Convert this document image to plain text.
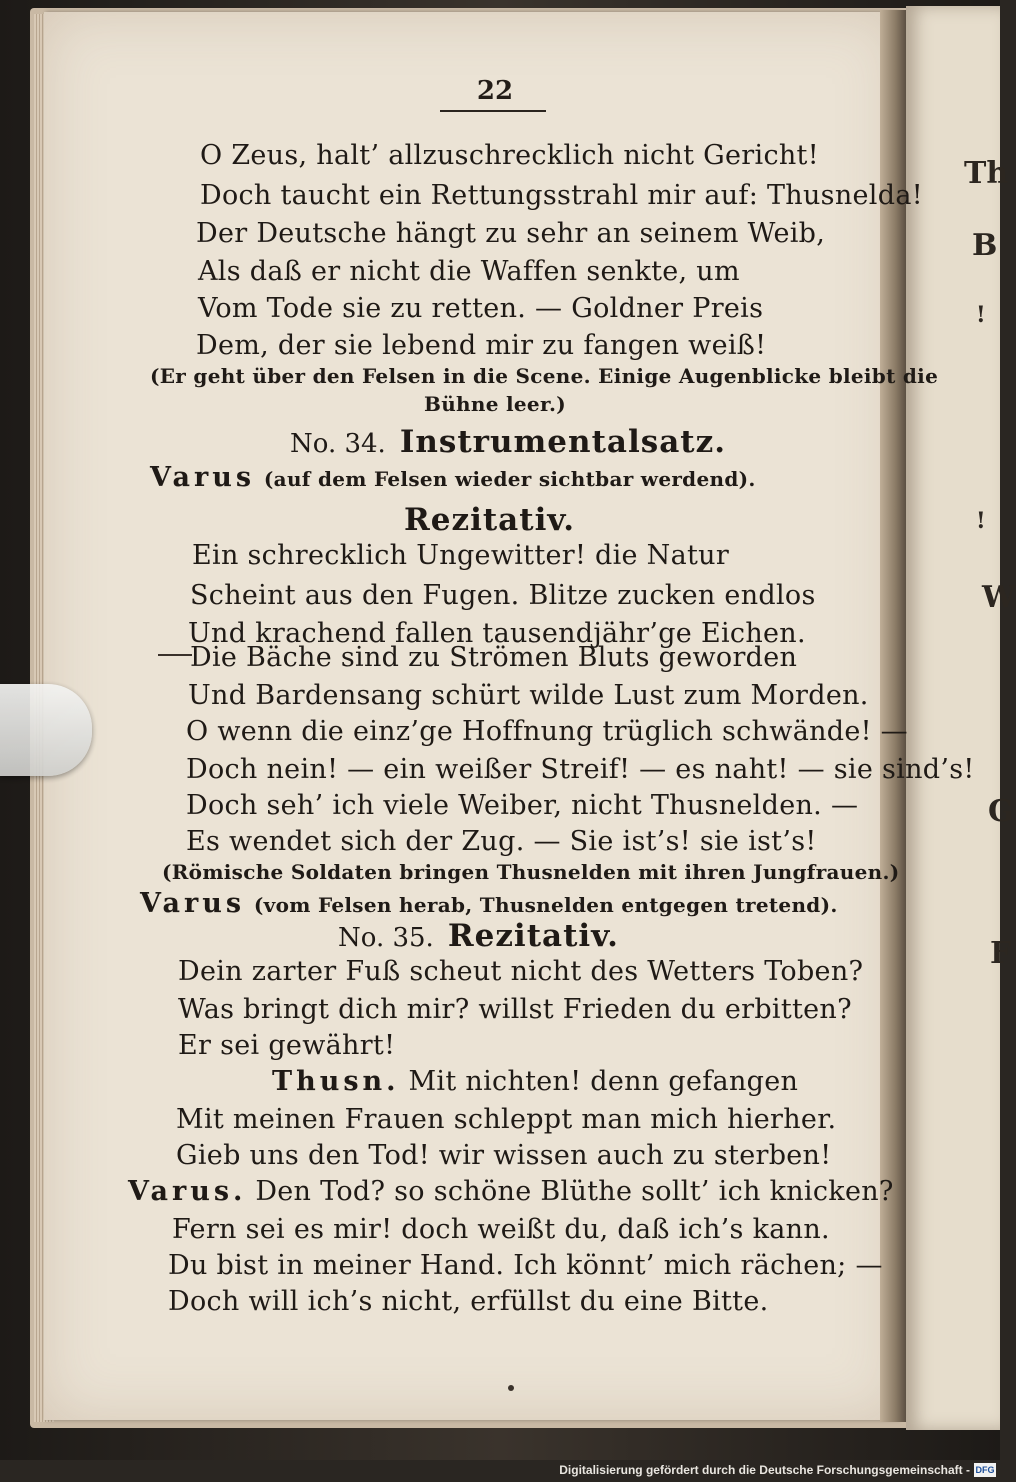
Th
B
!
!
W
G
F
22
O Zeus, halt’ allzuschrecklich nicht Gericht!
Doch taucht ein Rettungsstrahl mir auf: Thusnelda!
Der Deutsche hängt zu sehr an seinem Weib,
Als daß er nicht die Waffen senkte, um
Vom Tode sie zu retten. — Goldner Preis
Dem, der sie lebend mir zu fangen weiß!
(Er geht über den Felsen in die Scene. Einige Augenblicke bleibt die
Bühne leer.)
No. 34. Instrumentalsatz.
Varus (auf dem Felsen wieder sichtbar werdend).
Rezitativ.
Ein schrecklich Ungewitter! die Natur
Scheint aus den Fugen. Blitze zucken endlos
Und krachend fallen tausendjähr’ge Eichen.
Die Bäche sind zu Strömen Bluts geworden
Und Bardensang schürt wilde Lust zum Morden.
O wenn die einz’ge Hoffnung trüglich schwände! —
Doch nein! — ein weißer Streif! — es naht! — sie sind’s!
Doch seh’ ich viele Weiber, nicht Thusnelden. —
Es wendet sich der Zug. — Sie ist’s! sie ist’s!
(Römische Soldaten bringen Thusnelden mit ihren Jungfrauen.)
Varus (vom Felsen herab, Thusnelden entgegen tretend).
No. 35. Rezitativ.
Dein zarter Fuß scheut nicht des Wetters Toben?
Was bringt dich mir? willst Frieden du erbitten?
Er sei gewährt!
Thusn. Mit nichten! denn gefangen
Mit meinen Frauen schleppt man mich hierher.
Gieb uns den Tod! wir wissen auch zu sterben!
Varus. Den Tod? so schöne Blüthe sollt’ ich knicken?
Fern sei es mir! doch weißt du, daß ich’s kann.
Du bist in meiner Hand. Ich könnt’ mich rächen; —
Doch will ich’s nicht, erfüllst du eine Bitte.
Digitalisierung gefördert durch die Deutsche Forschungsgemeinschaft - DFG
